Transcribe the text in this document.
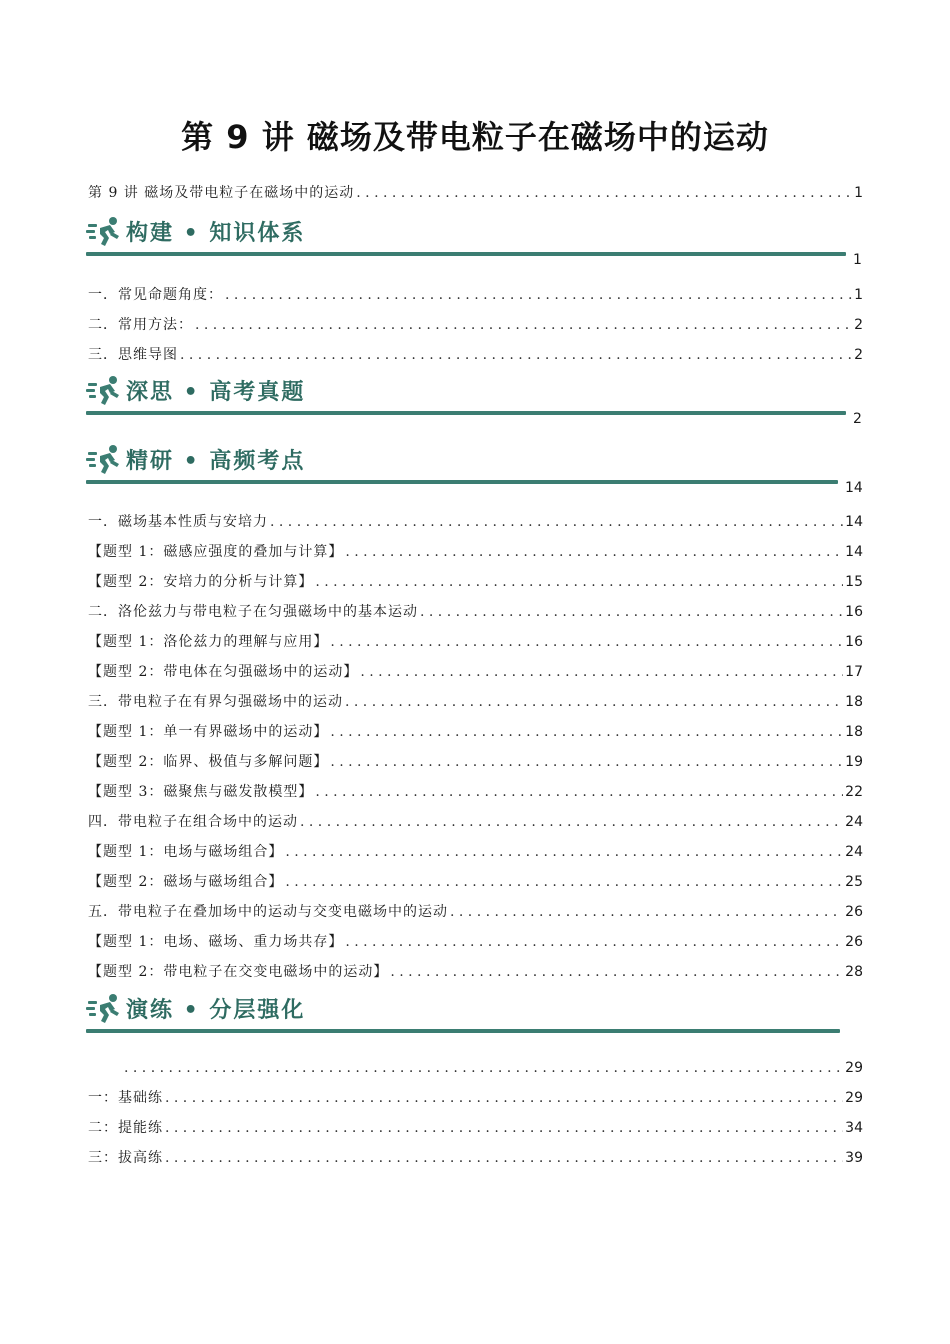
第 9 讲 磁场及带电粒子在磁场中的运动
第 9 讲 磁场及带电粒子在磁场中的运动 . . .	1
构建 • 知识体系
1
一．常见命题角度： . . .	1
二．常用方法： . . .	2
三．思维导图 . . .	2
深思 • 高考真题
2
精研 • 高频考点
14
一．磁场基本性质与安培力 . . .	14
【题型 1：磁感应强度的叠加与计算】 . . .	14
【题型 2：安培力的分析与计算】 . . .	15
二．洛伦兹力与带电粒子在匀强磁场中的基本运动 . . .	16
【题型 1：洛伦兹力的理解与应用】 . . .	16
【题型 2：带电体在匀强磁场中的运动】 . . .	17
三．带电粒子在有界匀强磁场中的运动 . . .	18
【题型 1：单一有界磁场中的运动】 . . .	18
【题型 2：临界、极值与多解问题】 . . .	19
【题型 3：磁聚焦与磁发散模型】 . . .	22
四．带电粒子在组合场中的运动 . . .	24
【题型 1：电场与磁场组合】 . . .	24
【题型 2：磁场与磁场组合】 . . .	25
五．带电粒子在叠加场中的运动与交变电磁场中的运动 . . .	26
【题型 1：电场、磁场、重力场共存】 . . .	26
【题型 2：带电粒子在交变电磁场中的运动】 . . .	28
演练 • 分层强化
. . .
29
一：基础练 . . .	29
二：提能练 . . .	34
三：拔高练 . . .	39
